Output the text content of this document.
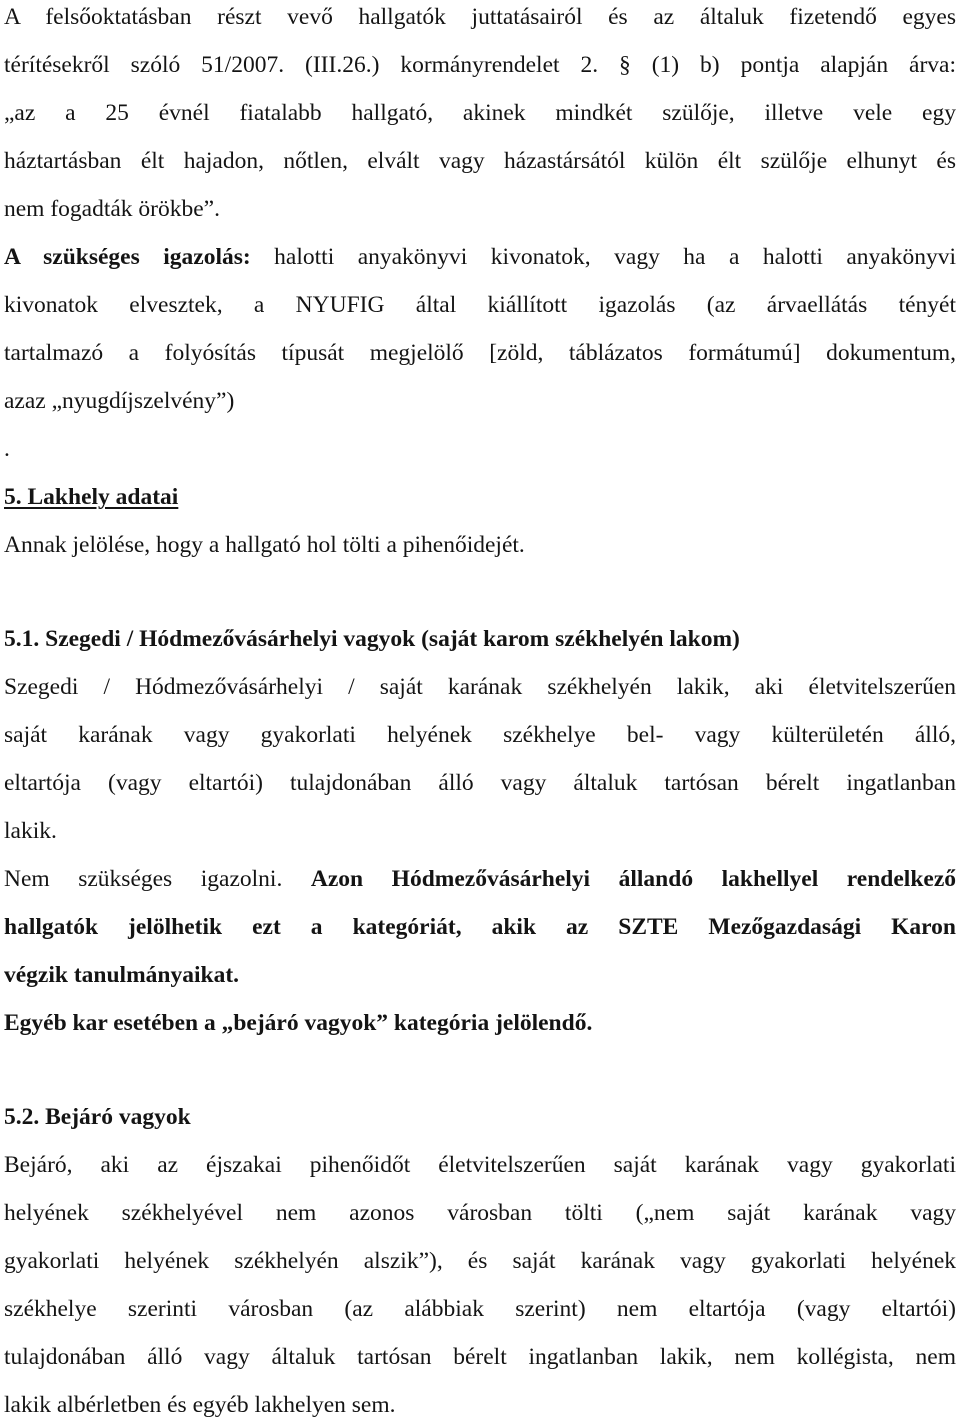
A felsőoktatásban részt vevő hallgatók juttatásairól és az általuk fizetendő egyes
térítésekről szóló 51/2007. (III.26.) kormányrendelet 2. § (1) b) pontja alapján árva:
„az a 25 évnél fiatalabb hallgató, akinek mindkét szülője, illetve vele egy
háztartásban élt hajadon, nőtlen, elvált vagy házastársától külön élt szülője elhunyt és
nem fogadták örökbe”.
A szükséges igazolás: halotti anyakönyvi kivonatok, vagy ha a halotti anyakönyvi
kivonatok elvesztek, a NYUFIG által kiállított igazolás (az árvaellátás tényét
tartalmazó a folyósítás típusát megjelölő [zöld, táblázatos formátumú] dokumentum,
azaz „nyugdíjszelvény”)
.
5. Lakhely adatai
Annak jelölése, hogy a hallgató hol tölti a pihenőidejét.
5.1. Szegedi / Hódmezővásárhelyi vagyok (saját karom székhelyén lakom)
Szegedi / Hódmezővásárhelyi / saját karának székhelyén lakik, aki életvitelszerűen
saját karának vagy gyakorlati helyének székhelye bel- vagy külterületén álló,
eltartója (vagy eltartói) tulajdonában álló vagy általuk tartósan bérelt ingatlanban
lakik.
Nem szükséges igazolni. Azon Hódmezővásárhelyi állandó lakhellyel rendelkező
hallgatók jelölhetik ezt a kategóriát, akik az SZTE Mezőgazdasági Karon
végzik tanulmányaikat.
Egyéb kar esetében a „bejáró vagyok” kategória jelölendő.
5.2. Bejáró vagyok
Bejáró, aki az éjszakai pihenőidőt életvitelszerűen saját karának vagy gyakorlati
helyének székhelyével nem azonos városban tölti („nem saját karának vagy
gyakorlati helyének székhelyén alszik”), és saját karának vagy gyakorlati helyének
székhelye szerinti városban (az alábbiak szerint) nem eltartója (vagy eltartói)
tulajdonában álló vagy általuk tartósan bérelt ingatlanban lakik, nem kollégista, nem
lakik albérletben és egyéb lakhelyen sem.
